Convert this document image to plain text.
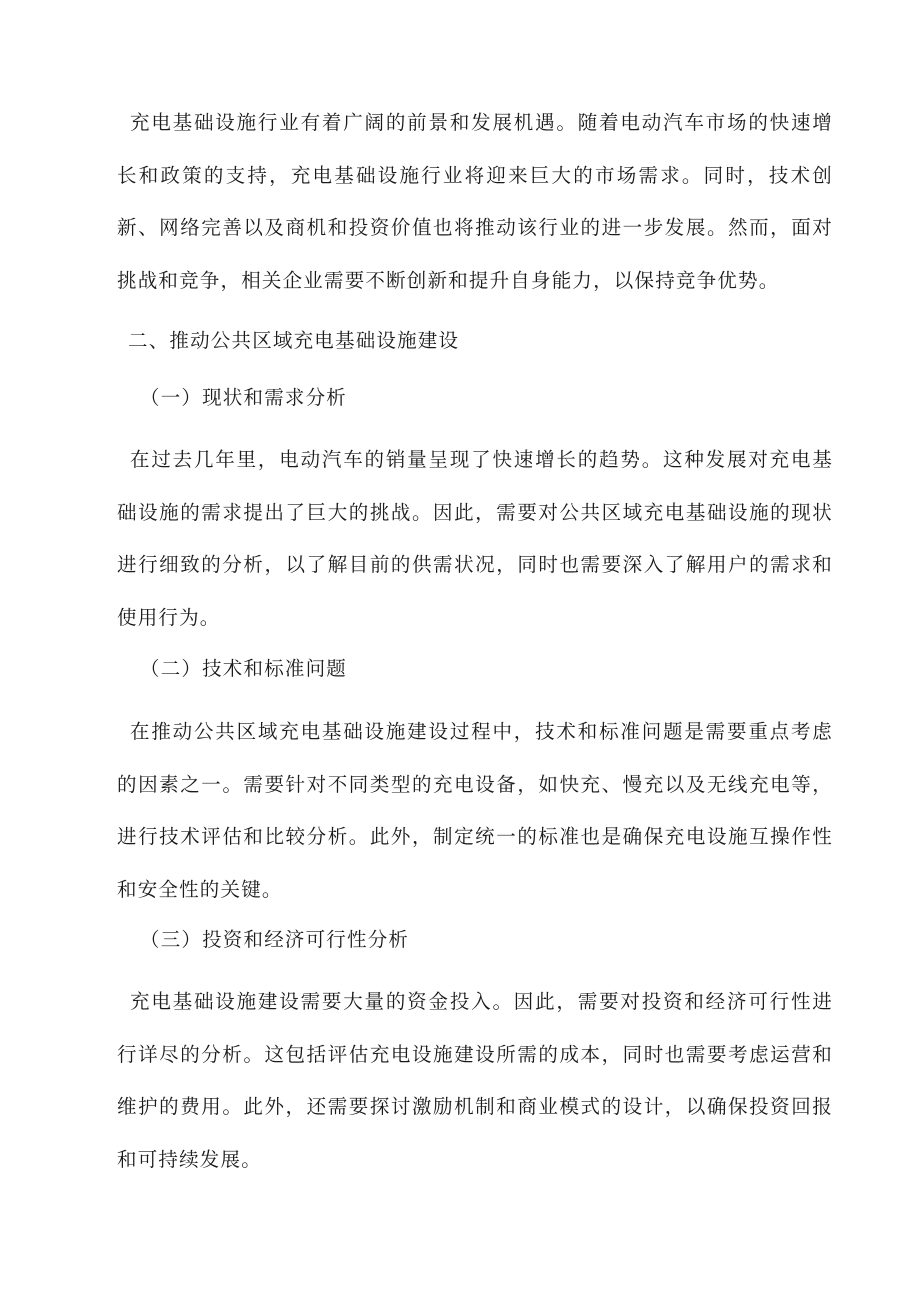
充电基础设施行业有着广阔的前景和发展机遇。随着电动汽车市场的快速增长和政策的支持，充电基础设施行业将迎来巨大的市场需求。同时，技术创新、网络完善以及商机和投资价值也将推动该行业的进一步发展。然而，面对挑战和竞争，相关企业需要不断创新和提升自身能力，以保持竞争优势。

二、推动公共区域充电基础设施建设
（一）现状和需求分析

在过去几年里，电动汽车的销量呈现了快速增长的趋势。这种发展对充电基础设施的需求提出了巨大的挑战。因此，需要对公共区域充电基础设施的现状进行细致的分析，以了解目前的供需状况，同时也需要深入了解用户的需求和使用行为。

（二）技术和标准问题

在推动公共区域充电基础设施建设过程中，技术和标准问题是需要重点考虑的因素之一。需要针对不同类型的充电设备，如快充、慢充以及无线充电等，进行技术评估和比较分析。此外，制定统一的标准也是确保充电设施互操作性和安全性的关键。

（三）投资和经济可行性分析

充电基础设施建设需要大量的资金投入。因此，需要对投资和经济可行性进行详尽的分析。这包括评估充电设施建设所需的成本，同时也需要考虑运营和维护的费用。此外，还需要探讨激励机制和商业模式的设计，以确保投资回报和可持续发展。
